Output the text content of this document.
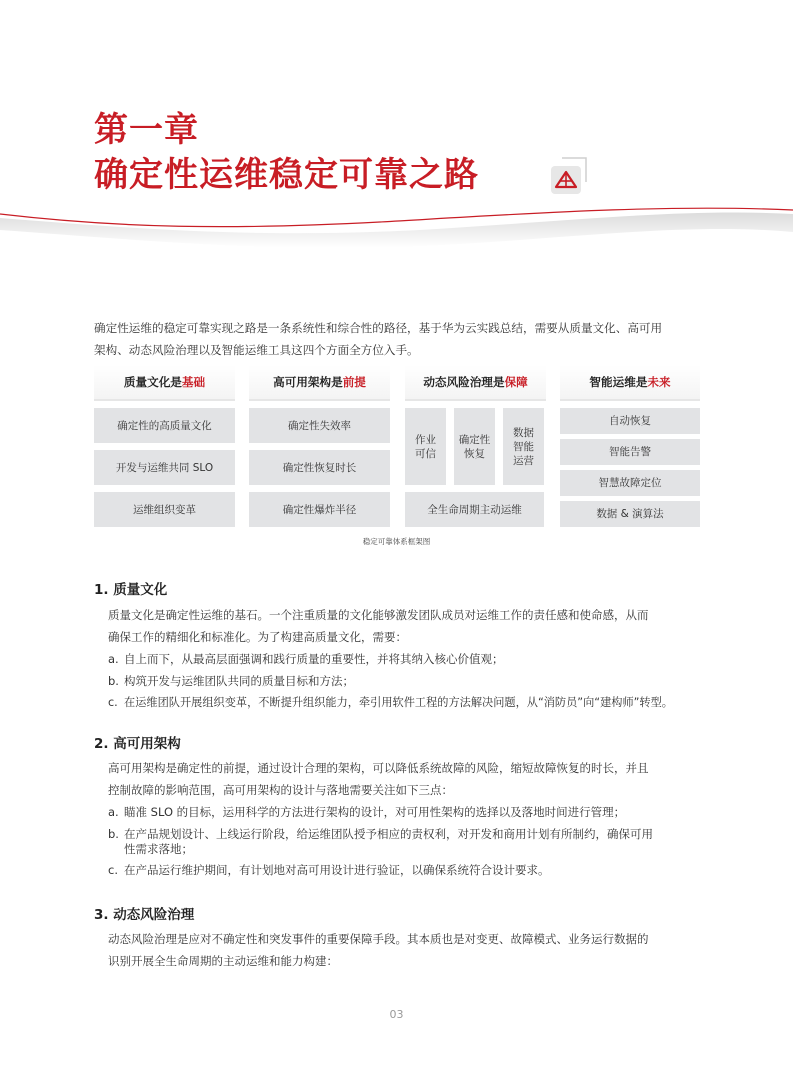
第一章
确定性运维稳定可靠之路

确定性运维的稳定可靠实现之路是一条系统性和综合性的路径，基于华为云实践总结，需要从质量文化、高可用

架构、动态风险治理以及智能运维工具这四个方面全方位入手。

质量文化是 基础	高可用架构是 前提	动态风险治理是 保障	智能运维是 未来
确定性的高质量文化
开发与运维共同 SLO
运维组织变革
确定性失效率
确定性恢复时长
确定性爆炸半径
作业
可信
确定性
恢复
数据
智能
运营
全生命周期主动运维
自动恢复
智能告警
智慧故障定位
数据 & 演算法
稳定可靠体系框架图
1. 质量文化

质量文化是确定性运维的基石。一个注重质量的文化能够激发团队成员对运维工作的责任感和使命感，从而

确保工作的精细化和标准化。为了构建高质量文化，需要：

a. 自上而下，从最高层面强调和践行质量的重要性，并将其纳入核心价值观；
b. 构筑开发与运维团队共同的质量目标和方法；
c. 在运维团队开展组织变革，不断提升组织能力，牵引用软件工程的方法解决问题，从“消防员”向“建构师”转型。
2. 高可用架构

高可用架构是确定性的前提，通过设计合理的架构，可以降低系统故障的风险，缩短故障恢复的时长，并且

控制故障的影响范围，高可用架构的设计与落地需要关注如下三点：

a. 瞄准 SLO 的目标，运用科学的方法进行架构的设计，对可用性架构的选择以及落地时间进行管理；
b. 在产品规划设计、上线运行阶段，给运维团队授予相应的责权利，对开发和商用计划有所制约，确保可用
性需求落地；
c. 在产品运行维护期间，有计划地对高可用设计进行验证，以确保系统符合设计要求。
3. 动态风险治理

动态风险治理是应对不确定性和突发事件的重要保障手段。其本质也是对变更、故障模式、业务运行数据的

识别开展全生命周期的主动运维和能力构建：

03
